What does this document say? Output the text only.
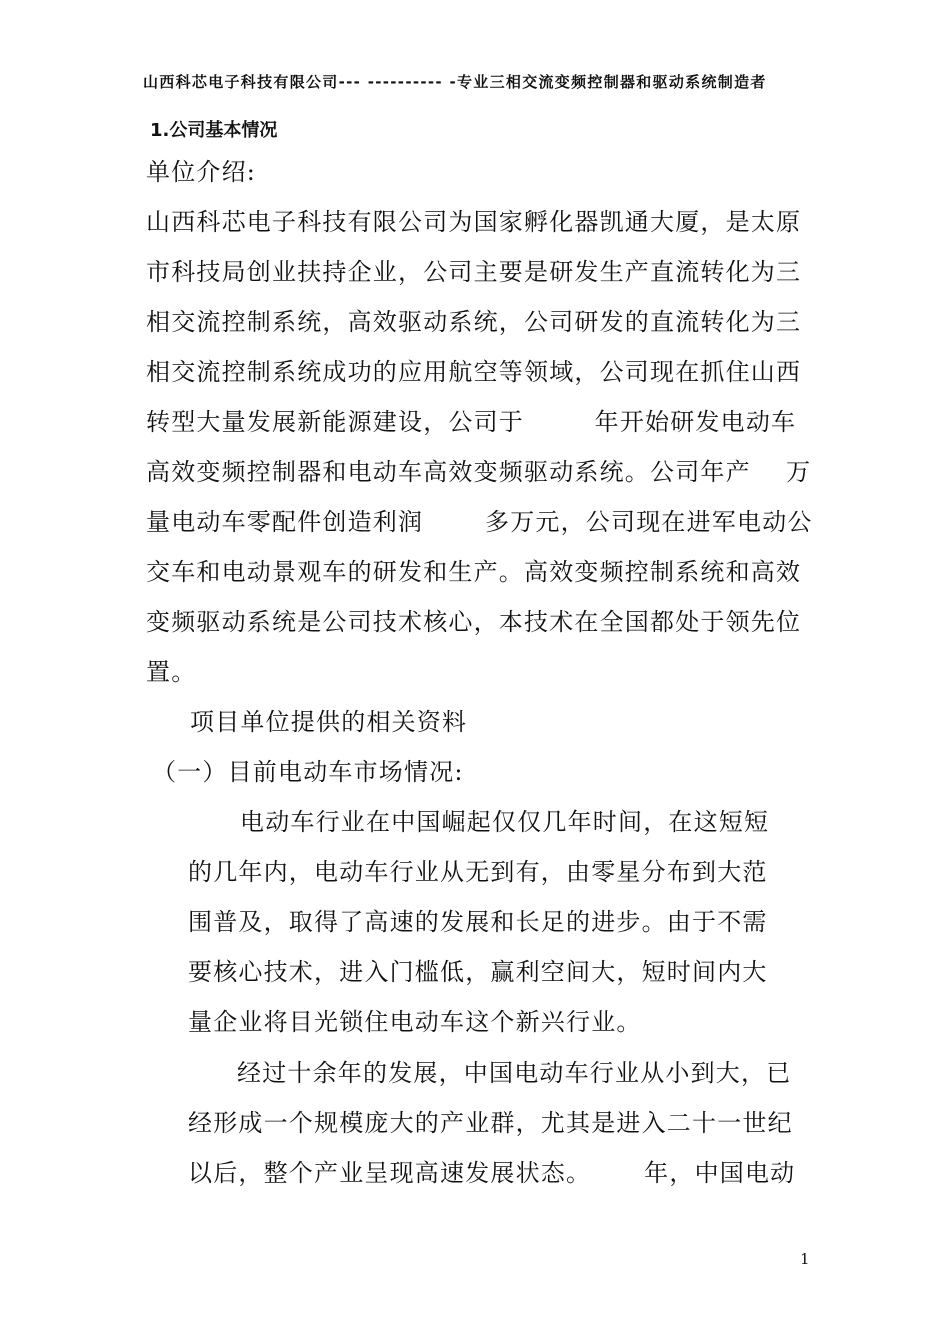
山西科芯电子科技有限公司--- ---------- -专业三相交流变频控制器和驱动系统制造者
1.公司基本情况
单位介绍:
山西科芯电子科技有限公司为国家孵化器凯通大厦，是太原
市科技局创业扶持企业，公司主要是研发生产直流转化为三
相交流控制系统，高效驱动系统，公司研发的直流转化为三
相交流控制系统成功的应用航空等领域，公司现在抓住山西
转型大量发展新能源建设，公司于        年开始研发电动车
高效变频控制器和电动车高效变频驱动系统。公司年产    万
量电动车零配件创造利润       多万元，公司现在进军电动公
交车和电动景观车的研发和生产。高效变频控制系统和高效
变频驱动系统是公司技术核心，本技术在全国都处于领先位
置。
项目单位提供的相关资料
（一）目前电动车市场情况:
电动车行业在中国崛起仅仅几年时间，在这短短
的几年内，电动车行业从无到有，由零星分布到大范
围普及，取得了高速的发展和长足的进步。由于不需
要核心技术，进入门槛低，赢利空间大，短时间内大
量企业将目光锁住电动车这个新兴行业。
经过十余年的发展，中国电动车行业从小到大，已
经形成一个规模庞大的产业群，尤其是进入二十一世纪
以后，整个产业呈现高速发展状态。      年，中国电动
1
